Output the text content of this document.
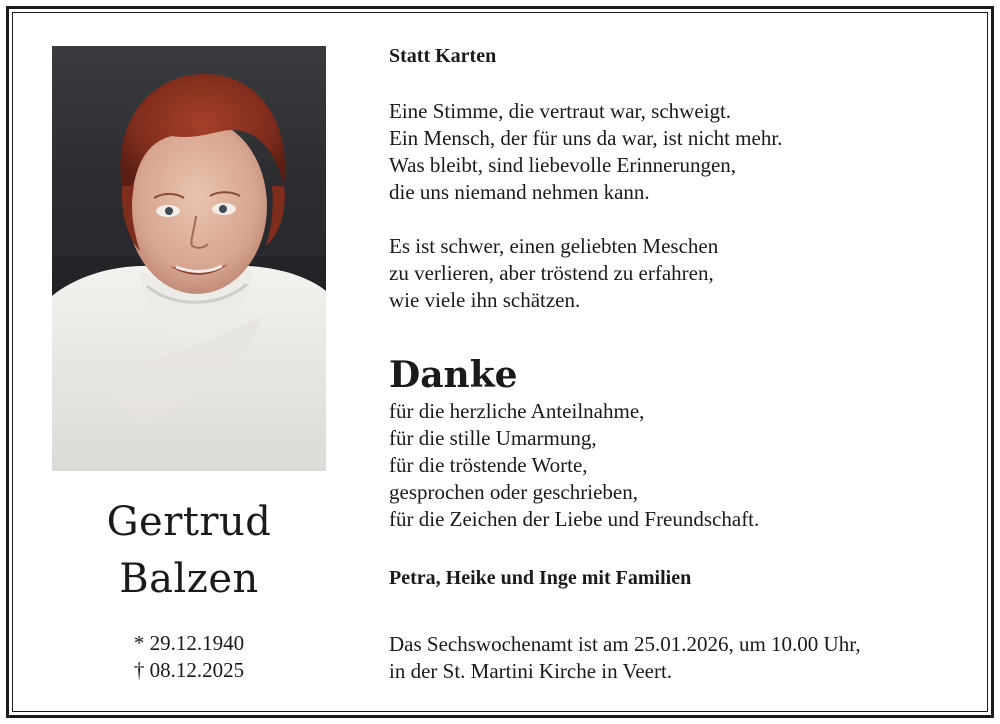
Gertrud
Balzen
* 29.12.1940
† 08.12.2025
Statt Karten
Eine Stimme, die vertraut war, schweigt.
Ein Mensch, der für uns da war, ist nicht mehr.
Was bleibt, sind liebevolle Erinnerungen,
die uns niemand nehmen kann.
Es ist schwer, einen geliebten Meschen
zu verlieren, aber tröstend zu erfahren,
wie viele ihn schätzen.
Danke
für die herzliche Anteilnahme,
für die stille Umarmung,
für die tröstende Worte,
gesprochen oder geschrieben,
für die Zeichen der Liebe und Freundschaft.
Petra, Heike und Inge mit Familien
Das Sechswochenamt ist am 25.01.2026, um 10.00 Uhr,
in der St. Martini Kirche in Veert.
